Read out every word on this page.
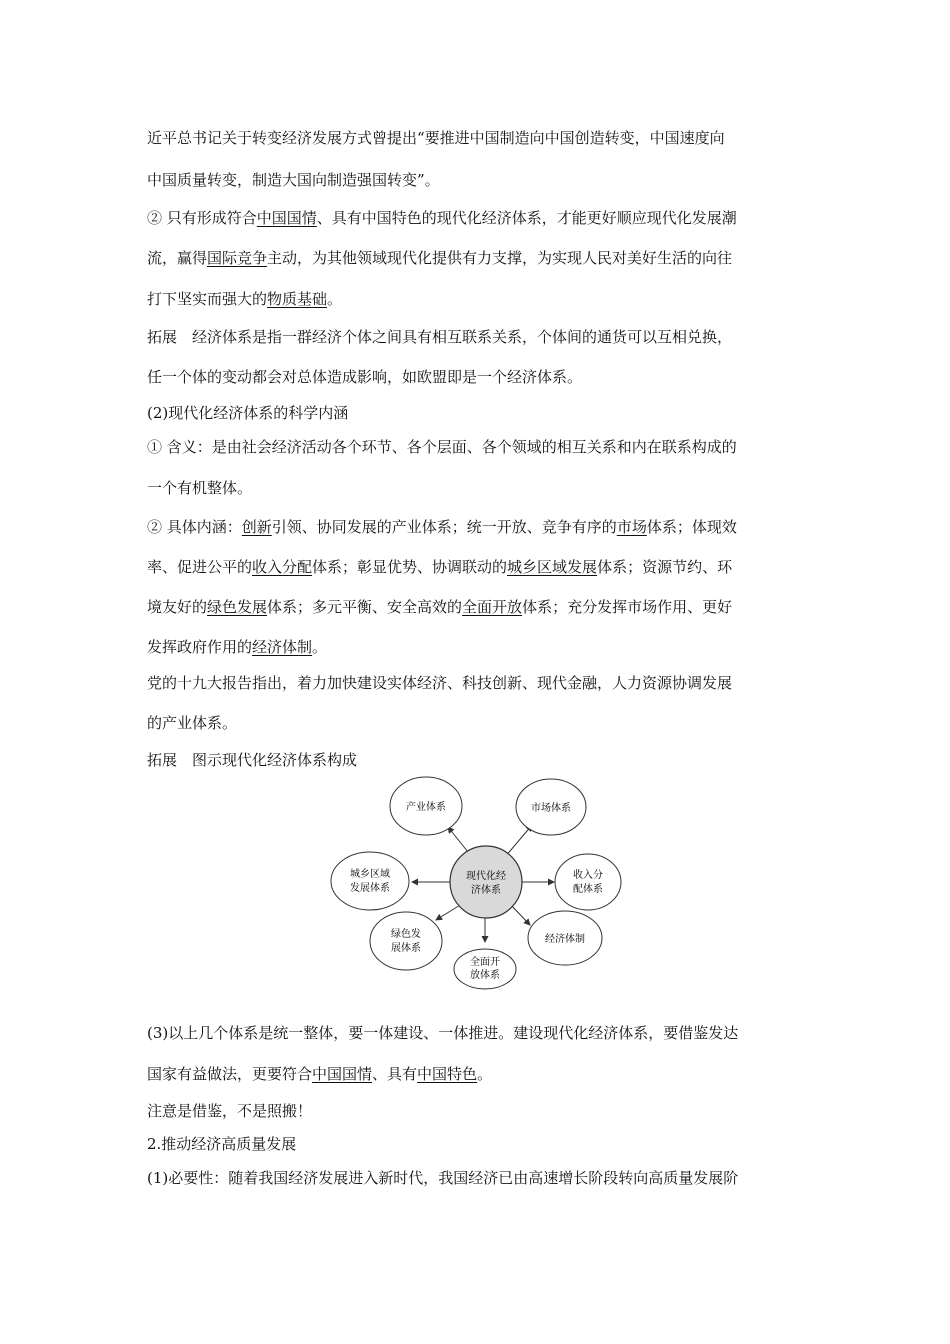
近平总书记关于转变经济发展方式曾提出“要推进中国制造向中国创造转变，中国速度向
中国质量转变，制造大国向制造强国转变”。
② 只有形成符合中国国情、具有中国特色的现代化经济体系，才能更好顺应现代化发展潮
流，赢得国际竞争主动，为其他领域现代化提供有力支撑，为实现人民对美好生活的向往
打下坚实而强大的物质基础。
拓展　经济体系是指一群经济个体之间具有相互联系关系，个体间的通货可以互相兑换，
任一个体的变动都会对总体造成影响，如欧盟即是一个经济体系。
(2)现代化经济体系的科学内涵
① 含义：是由社会经济活动各个环节、各个层面、各个领域的相互关系和内在联系构成的
一个有机整体。
② 具体内涵：创新引领、协同发展的产业体系；统一开放、竞争有序的市场体系；体现效
率、促进公平的收入分配体系；彰显优势、协调联动的城乡区域发展体系；资源节约、环
境友好的绿色发展体系；多元平衡、安全高效的全面开放体系；充分发挥市场作用、更好
发挥政府作用的经济体制。
党的十九大报告指出，着力加快建设实体经济、科技创新、现代金融，人力资源协调发展
的产业体系。
拓展　图示现代化经济体系构成
现代化经
济体系
产业体系	市场体系
城乡区域
发展体系
收入分
配体系
绿色发
展体系
全面开
放体系
经济体制
(3)以上几个体系是统一整体，要一体建设、一体推进。建设现代化经济体系，要借鉴发达
国家有益做法，更要符合中国国情、具有中国特色。
注意是借鉴，不是照搬！
2.推动经济高质量发展
(1)必要性：随着我国经济发展进入新时代，我国经济已由高速增长阶段转向高质量发展阶
